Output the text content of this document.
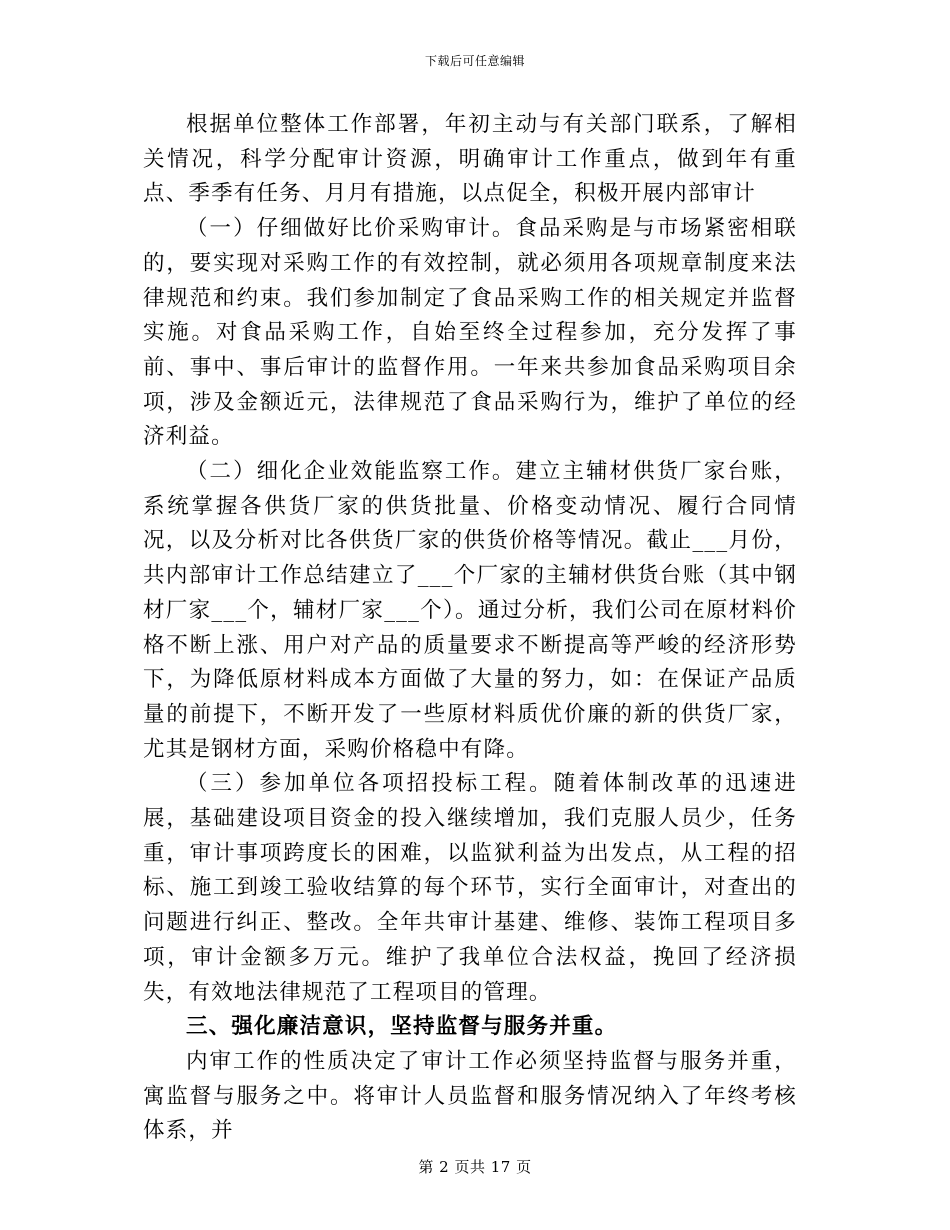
下载后可任意编辑

根据单位整体工作部署，年初主动与有关部门联系，了解相关情况，科学分配审计资源，明确审计工作重点，做到年有重点、季季有任务、月月有措施，以点促全，积极开展内部审计

（一）仔细做好比价采购审计。食品采购是与市场紧密相联的，要实现对采购工作的有效控制，就必须用各项规章制度来法律规范和约束。我们参加制定了食品采购工作的相关规定并监督实施。对食品采购工作，自始至终全过程参加，充分发挥了事前、事中、事后审计的监督作用。一年来共参加食品采购项目余项，涉及金额近元，法律规范了食品采购行为，维护了单位的经济利益。

（二）细化企业效能监察工作。建立主辅材供货厂家台账，系统掌握各供货厂家的供货批量、价格变动情况、履行合同情况，以及分析对比各供货厂家的供货价格等情况。截止___月份，共内部审计工作总结建立了___个厂家的主辅材供货台账（其中钢材厂家___个，辅材厂家___个）。通过分析，我们公司在原材料价格不断上涨、用户对产品的质量要求不断提高等严峻的经济形势下，为降低原材料成本方面做了大量的努力，如：在保证产品质量的前提下，不断开发了一些原材料质优价廉的新的供货厂家，尤其是钢材方面，采购价格稳中有降。

（三）参加单位各项招投标工程。随着体制改革的迅速进展，基础建设项目资金的投入继续增加，我们克服人员少，任务重，审计事项跨度长的困难，以监狱利益为出发点，从工程的招标、施工到竣工验收结算的每个环节，实行全面审计，对查出的问题进行纠正、整改。全年共审计基建、维修、装饰工程项目多项，审计金额多万元。维护了我单位合法权益，挽回了经济损失，有效地法律规范了工程项目的管理。

三、强化廉洁意识，坚持监督与服务并重。

内审工作的性质决定了审计工作必须坚持监督与服务并重，寓监督与服务之中。将审计人员监督和服务情况纳入了年终考核体系，并

第 2 页共 17 页
